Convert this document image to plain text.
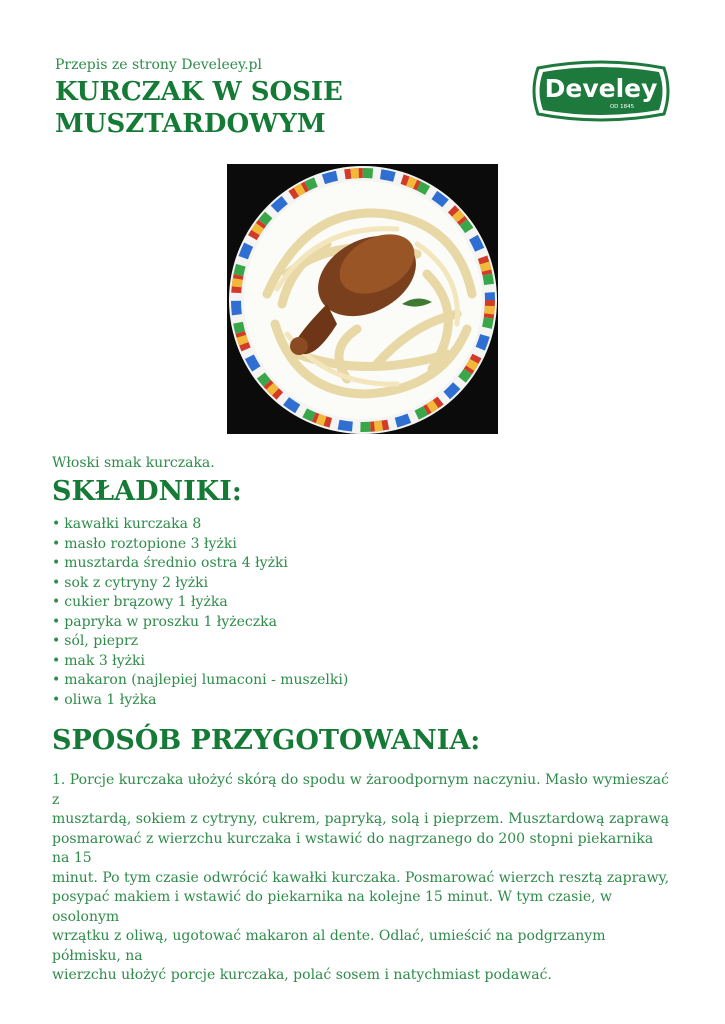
Przepis ze strony Develeey.pl
KURCZAK W SOSIE
MUSZTARDOWYM
Develey
OD 1845
Włoski smak kurczaka.
SKŁADNIKI:
• kawałki kurczaka 8
• masło roztopione 3 łyżki
• musztarda średnio ostra 4 łyżki
• sok z cytryny 2 łyżki
• cukier brązowy 1 łyżka
• papryka w proszku 1 łyżeczka
• sól, pieprz
• mak 3 łyżki
• makaron (najlepiej lumaconi - muszelki)
• oliwa 1 łyżka
SPOSÓB PRZYGOTOWANIA:

1. Porcje kurczaka ułożyć skórą do spodu w żaroodpornym naczyniu. Masło wymieszać z

musztardą, sokiem z cytryny, cukrem, papryką, solą i pieprzem. Musztardową zaprawą

posmarować z wierzchu kurczaka i wstawić do nagrzanego do 200 stopni piekarnika na 15

minut. Po tym czasie odwrócić kawałki kurczaka. Posmarować wierzch resztą zaprawy,

posypać makiem i wstawić do piekarnika na kolejne 15 minut. W tym czasie, w osolonym

wrzątku z oliwą, ugotować makaron al dente. Odlać, umieścić na podgrzanym półmisku, na

wierzchu ułożyć porcje kurczaka, polać sosem i natychmiast podawać.
